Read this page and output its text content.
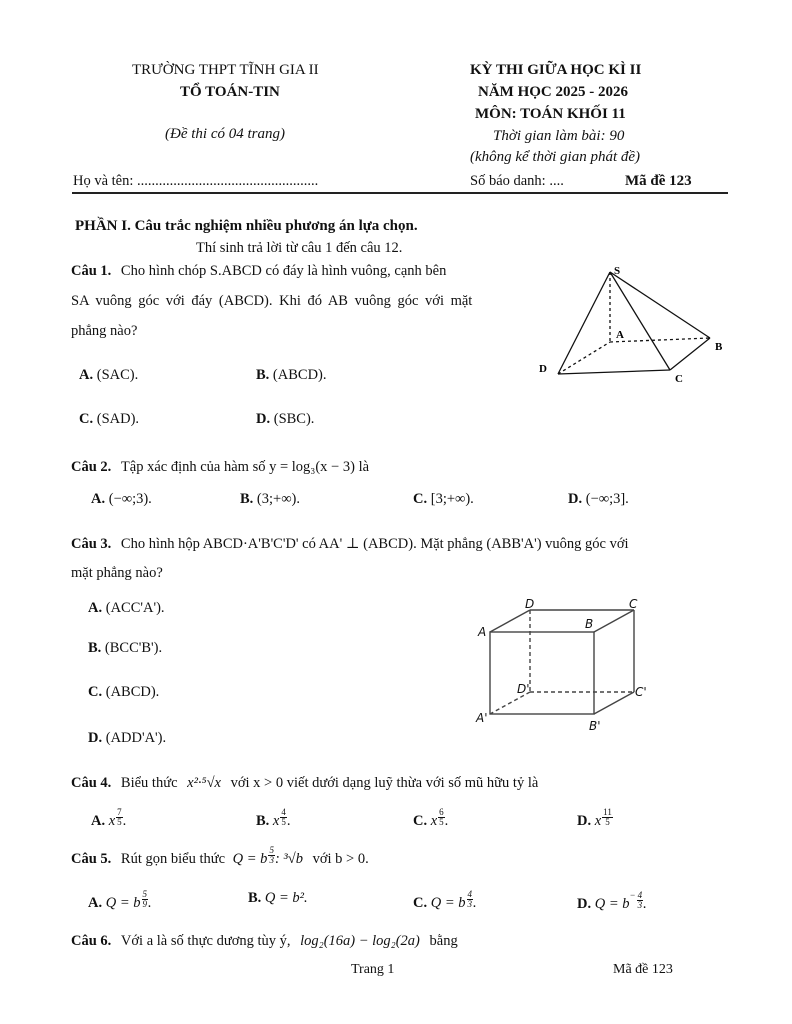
TRƯỜNG THPT TĨNH GIA II
TỔ TOÁN-TIN
(Đề thi có 04 trang)
KỲ THI GIỮA HỌC KÌ II
NĂM HỌC 2025 - 2026
MÔN: TOÁN KHỐI 11
Thời gian làm bài: 90
(không kể thời gian phát đề)
Họ và tên: ..................................................	Số báo danh: ....	Mã đề 123
PHẦN I. Câu trắc nghiệm nhiều phương án lựa chọn.
Thí sinh trả lời từ câu 1 đến câu 12.
Câu 1. Cho hình chóp S.ABCD có đáy là hình vuông, cạnh bên
SA vuông góc với đáy (ABCD). Khi đó AB vuông góc với mặt
phẳng nào?
A. (SAC).	B. (ABCD).
C. (SAD).	D. (SBC).
S
A
B
C
D
Câu 2. Tập xác định của hàm số y = log₃(x − 3) là
A. (−∞;3).	B. (3;+∞).	C. [3;+∞).	D. (−∞;3].
Câu 3. Cho hình hộp ABCD·A'B'C'D' có AA' ⊥ (ABCD). Mặt phẳng (ABB'A') vuông góc với
mặt phẳng nào?
A. (ACC'A').
B. (BCC'B').
C. (ABCD).
D. (ADD'A').
A
B
C
D
A'
B'
C'
D'
Câu 4. Biểu thức x²·⁵√x với x > 0 viết dưới dạng luỹ thừa với số mũ hữu tỷ là
A. x $\frac{7}{5}$ .	B. x $\frac{4}{5}$ .	C. x $\frac{6}{5}$ .	D. x $\frac{11}{5}$
Câu 5. Rút gọn biểu thức Q = b $\frac{5}{3}$ : ³√b với b > 0.
A. Q = b $\frac{5}{9}$ .	B. Q = b².	C. Q = b $\frac{4}{3}$ .	D. $Q = b^- \frac{4}{3}$ .
Câu 6. Với a là số thực dương tùy ý, log₂(16a) − log₂(2a) bằng
Trang 1	Mã đề 123
